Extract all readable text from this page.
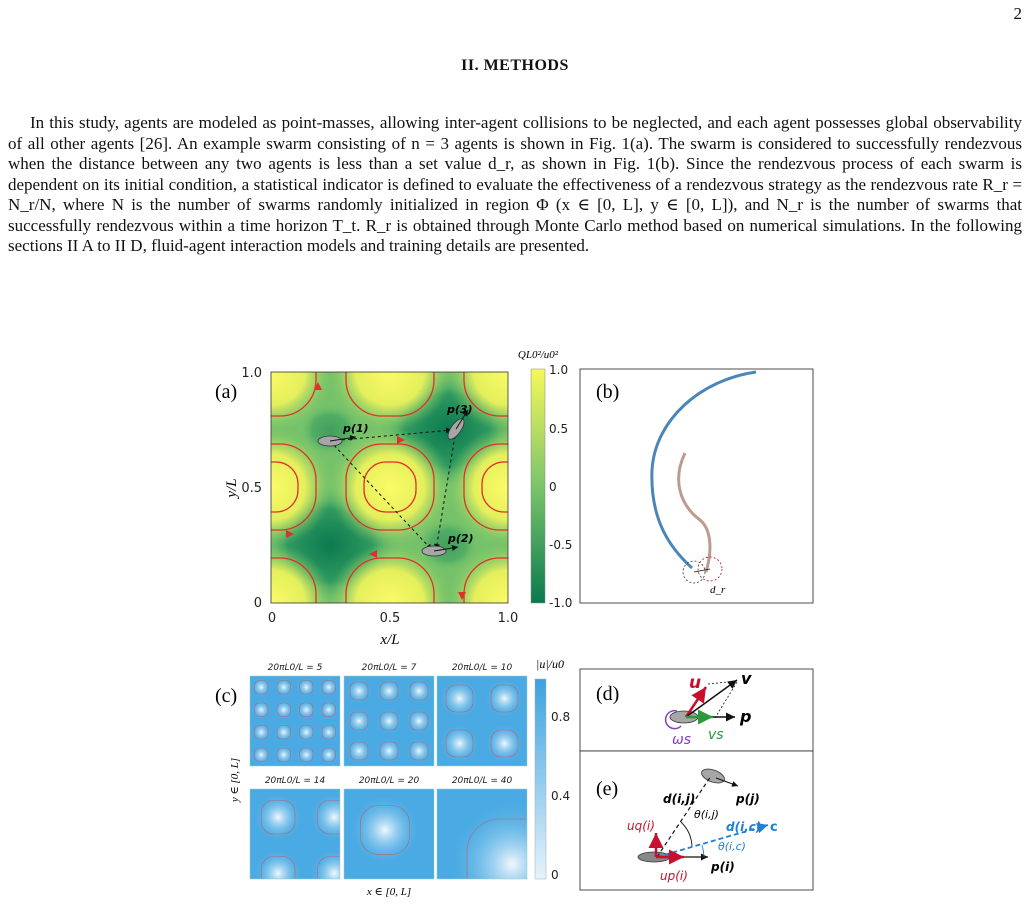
2
II. METHODS

In this study, agents are modeled as point-masses, allowing inter-agent collisions to be neglected, and each agent possesses global observability of all other agents [26]. An example swarm consisting of n = 3 agents is shown in Fig. 1(a). The swarm is considered to successfully rendezvous when the distance between any two agents is less than a set value d_r, as shown in Fig. 1(b). Since the rendezvous process of each swarm is dependent on its initial condition, a statistical indicator is defined to evaluate the effectiveness of a rendezvous strategy as the rendezvous rate R_r = N_r/N, where N is the number of swarms randomly initialized in region Φ (x ∈ [0, L], y ∈ [0, L]), and N_r is the number of swarms that successfully rendezvous within a time horizon T_t. R_r is obtained through Monte Carlo method based on numerical simulations. In the following sections II A to II D, fluid-agent interaction models and training details are presented.

(a)
1.0
0.5
0
0	0.5	1.0
x/L
y/L
p(1)
p(3)
p(2)
QL0²/u0²
1.0
0.5
0
-0.5
-1.0
(b)
d_r
(c)
20πL0/L = 5	20πL0/L = 7	20πL0/L = 10
20πL0/L = 14	20πL0/L = 20	20πL0/L = 40
x ∈ [0, L]
y ∈ [0, L]
|u|/u0
0.8
0.4
0
(d)	u v
p
ωs vs
(e)	p(j)
d(i,j)
θ(i,j)
d(i,c) c
θ(i,c)
p(i)
uq(i)
up(i)
